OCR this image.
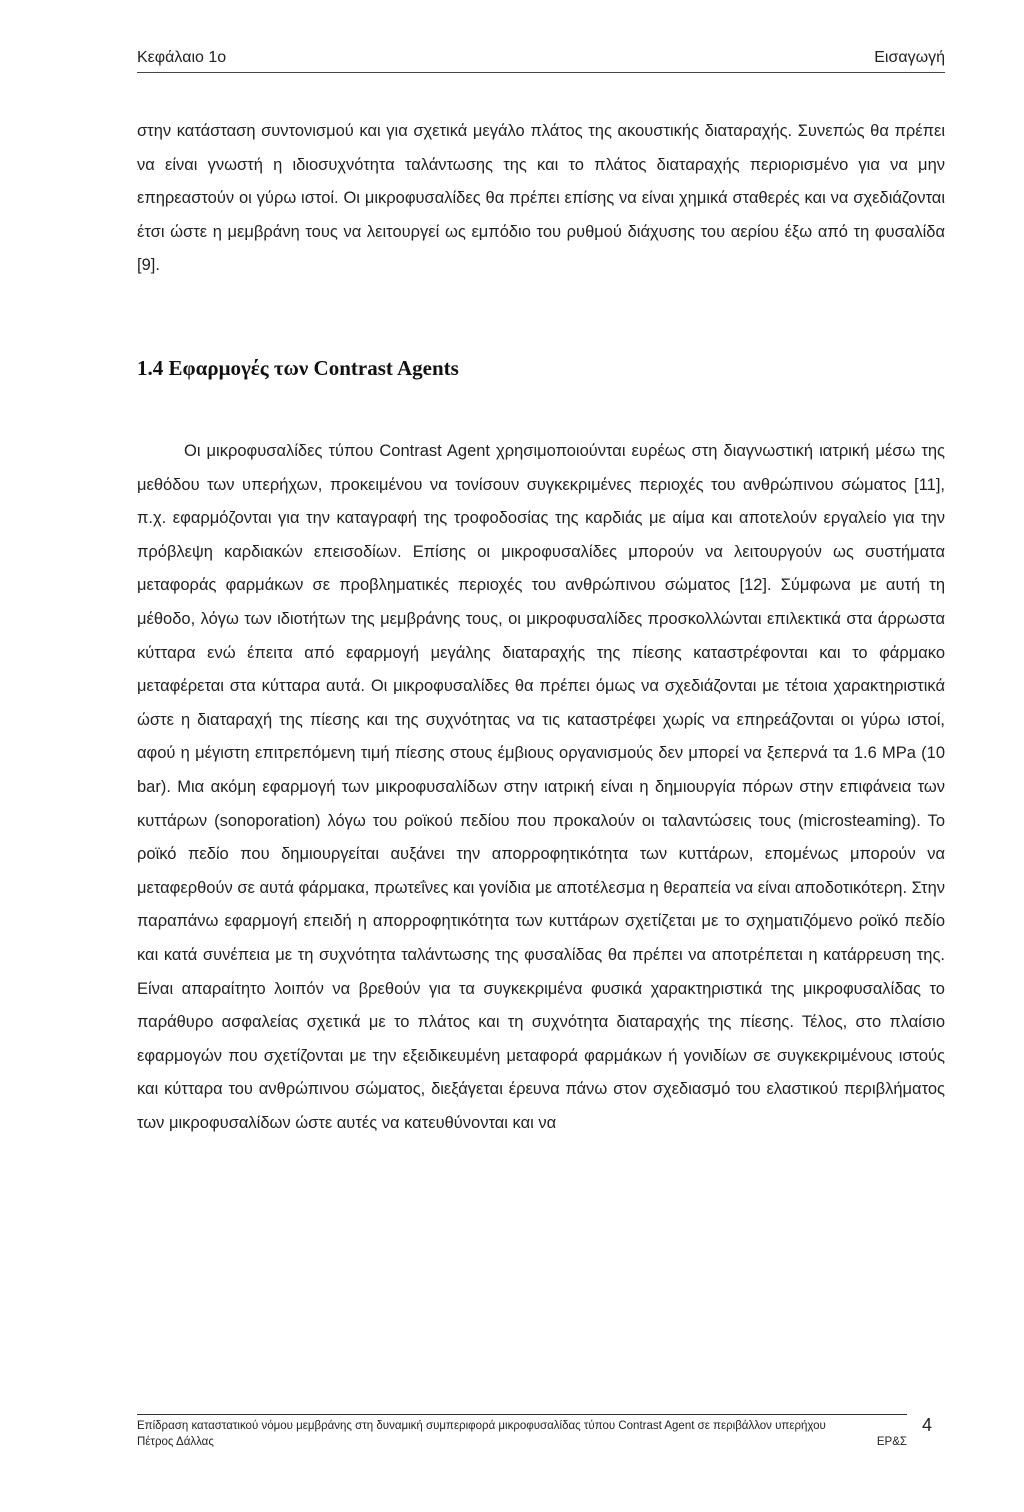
Κεφάλαιο 1ο	Εισαγωγή

στην κατάσταση συντονισμού και για σχετικά μεγάλο πλάτος της ακουστικής διαταραχής. Συνεπώς θα πρέπει να είναι γνωστή η ιδιοσυχνότητα ταλάντωσης της και το πλάτος διαταραχής περιορισμένο για να μην επηρεαστούν οι γύρω ιστοί. Οι μικροφυσαλίδες θα πρέπει επίσης να είναι χημικά σταθερές και να σχεδιάζονται έτσι ώστε η μεμβράνη τους να λειτουργεί ως εμπόδιο του ρυθμού διάχυσης του αερίου έξω από τη φυσαλίδα [9].

1.4 Εφαρμογές των Contrast Agents

Οι μικροφυσαλίδες τύπου Contrast Agent χρησιμοποιούνται ευρέως στη διαγνωστική ιατρική μέσω της μεθόδου των υπερήχων, προκειμένου να τονίσουν συγκεκριμένες περιοχές του ανθρώπινου σώματος [11], π.χ. εφαρμόζονται για την καταγραφή της τροφοδοσίας της καρδιάς με αίμα και αποτελούν εργαλείο για την πρόβλεψη καρδιακών επεισοδίων. Επίσης οι μικροφυσαλίδες μπορούν να λειτουργούν ως συστήματα μεταφοράς φαρμάκων σε προβληματικές περιοχές του ανθρώπινου σώματος [12]. Σύμφωνα με αυτή τη μέθοδο, λόγω των ιδιοτήτων της μεμβράνης τους, οι μικροφυσαλίδες προσκολλώνται επιλεκτικά στα άρρωστα κύτταρα ενώ έπειτα από εφαρμογή μεγάλης διαταραχής της πίεσης καταστρέφονται και το φάρμακο μεταφέρεται στα κύτταρα αυτά. Οι μικροφυσαλίδες θα πρέπει όμως να σχεδιάζονται με τέτοια χαρακτηριστικά ώστε η διαταραχή της πίεσης και της συχνότητας να τις καταστρέφει χωρίς να επηρεάζονται οι γύρω ιστοί, αφού η μέγιστη επιτρεπόμενη τιμή πίεσης στους έμβιους οργανισμούς δεν μπορεί να ξεπερνά τα 1.6 MPa (10 bar). Μια ακόμη εφαρμογή των μικροφυσαλίδων στην ιατρική είναι η δημιουργία πόρων στην επιφάνεια των κυττάρων (sonoporation) λόγω του ροϊκού πεδίου που προκαλούν οι ταλαντώσεις τους (microsteaming). Το ροϊκό πεδίο που δημιουργείται αυξάνει την απορροφητικότητα των κυττάρων, επομένως μπορούν να μεταφερθούν σε αυτά φάρμακα, πρωτεΐνες και γονίδια με αποτέλεσμα η θεραπεία να είναι αποδοτικότερη. Στην παραπάνω εφαρμογή επειδή η απορροφητικότητα των κυττάρων σχετίζεται με το σχηματιζόμενο ροϊκό πεδίο και κατά συνέπεια με τη συχνότητα ταλάντωσης της φυσαλίδας θα πρέπει να αποτρέπεται η κατάρρευση της. Είναι απαραίτητο λοιπόν να βρεθούν για τα συγκεκριμένα φυσικά χαρακτηριστικά της μικροφυσαλίδας το παράθυρο ασφαλείας σχετικά με το πλάτος και τη συχνότητα διαταραχής της πίεσης. Τέλος, στο πλαίσιο εφαρμογών που σχετίζονται με την εξειδικευμένη μεταφορά φαρμάκων ή γονιδίων σε συγκεκριμένους ιστούς και κύτταρα του ανθρώπινου σώματος, διεξάγεται έρευνα πάνω στον σχεδιασμό του ελαστικού περιβλήματος των μικροφυσαλίδων ώστε αυτές να κατευθύνονται και να

Επίδραση καταστατικού νόμου μεμβράνης στη δυναμική συμπεριφορά μικροφυσαλίδας τύπου Contrast Agent σε περιβάλλον υπερήχου
Πέτρος Δάλλας	ΕΡ&Σ
4
